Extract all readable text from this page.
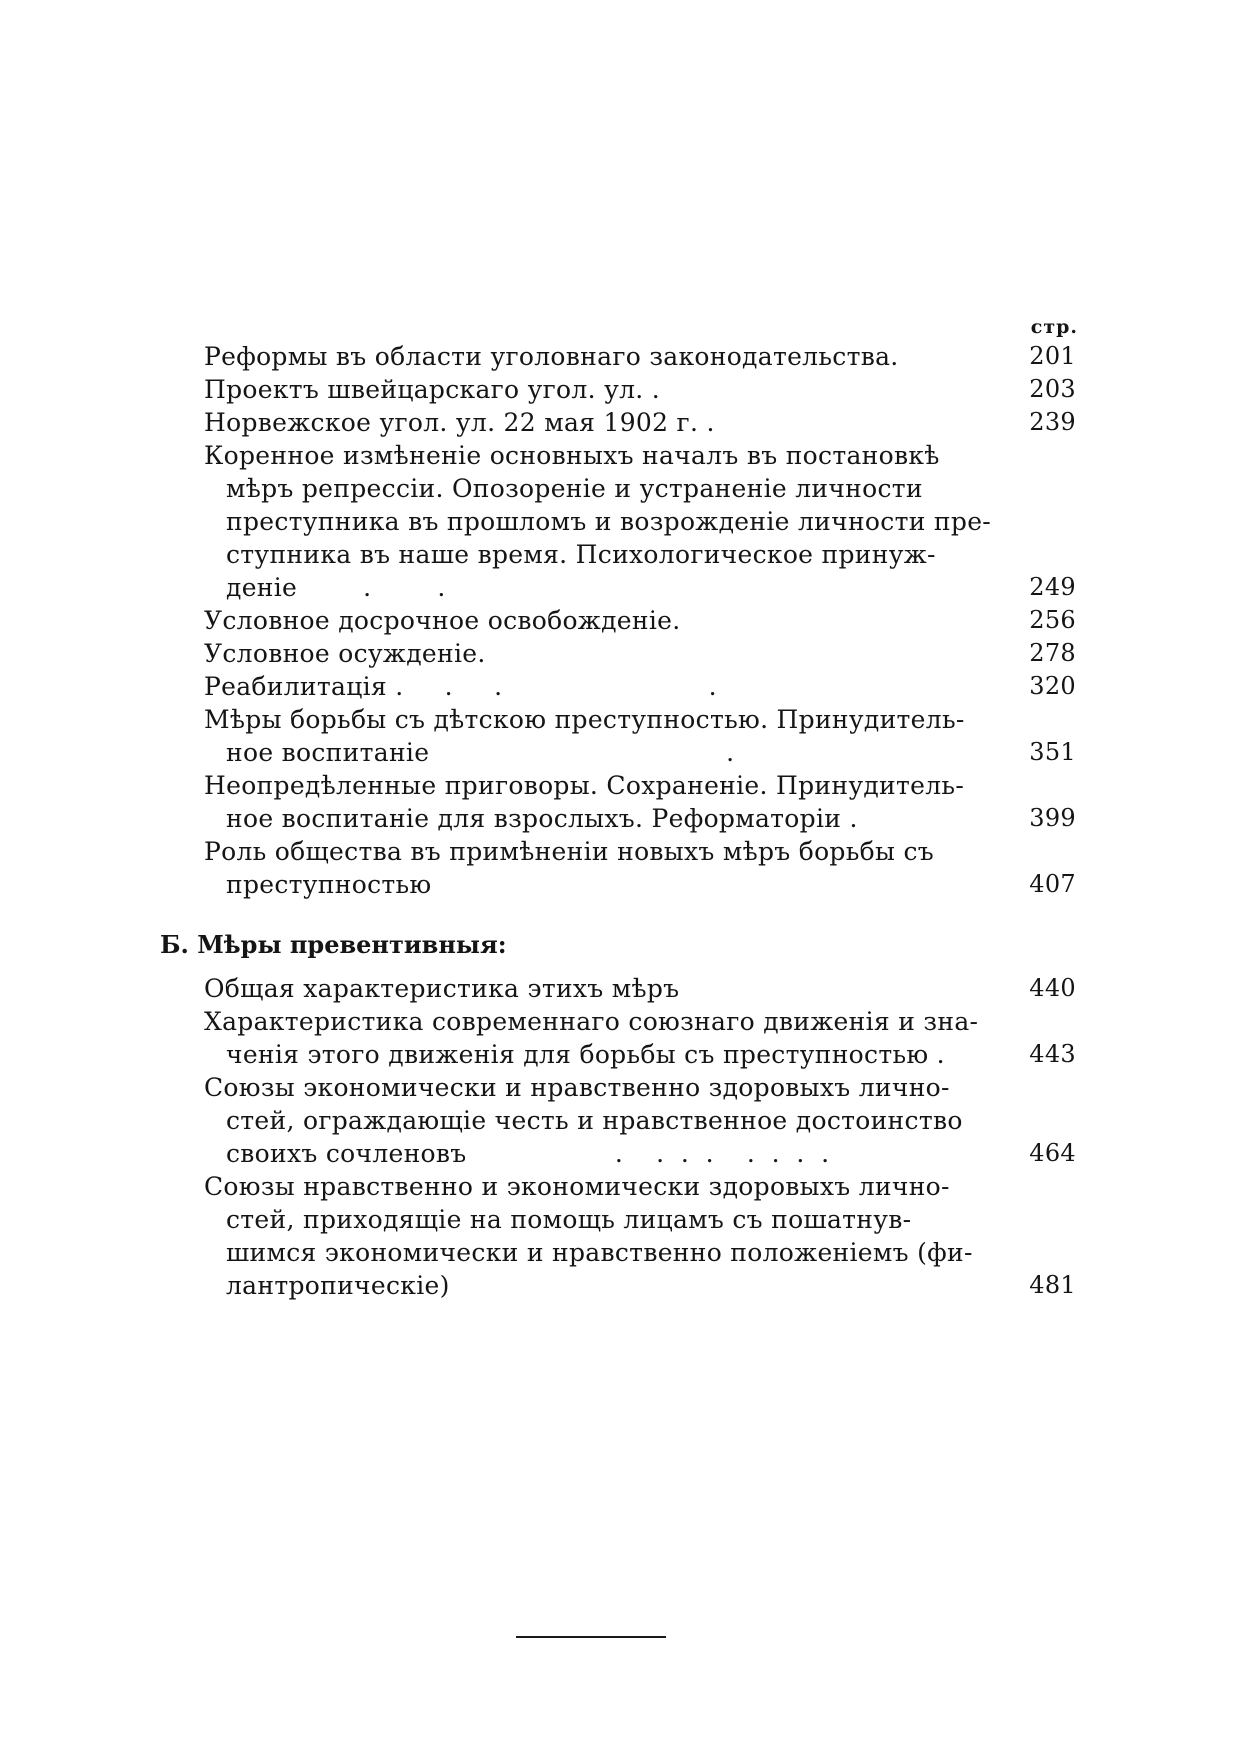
стр.
Реформы въ области уголовнаго законодательства.	201
Проектъ швейцарскаго угол. ул. .	203
Норвежское угол. ул. 22 мая 1902 г. .	239
Коренное измѣненіе основныхъ началъ въ постановкѣ
мѣръ репрессіи. Опозореніе и устраненіе личности
преступника въ прошломъ и возрожденіе личности пре-
ступника въ наше время. Психологическое принуж-
деніе        .        .	249
Условное досрочное освобожденіе.	256
Условное осужденіе.	278
Реабилитація .     .     .                         .	320
Мѣры борьбы съ дѣтскою преступностью. Принудитель-
ное воспитаніе                                    .	351
Неопредѣленные приговоры. Сохраненіе. Принудитель-
ное воспитаніе для взрослыхъ. Реформаторіи .	399
Роль общества въ примѣненіи новыхъ мѣръ борьбы съ
преступностью	407
Б. Мѣры превентивныя:
Общая характеристика этихъ мѣръ	440
Характеристика современнаго союзнаго движенія и зна-
ченія этого движенія для борьбы съ преступностью .	443
Союзы экономически и нравственно здоровыхъ лично-
стей, ограждающіе честь и нравственное достоинство
своихъ сочленовъ                  .    .  .  .    .  .  .  .	464
Союзы нравственно и экономически здоровыхъ лично-
стей, приходящіе на помощь лицамъ съ пошатнув-
шимся экономически и нравственно положеніемъ (фи-
лантропическіе)	481
